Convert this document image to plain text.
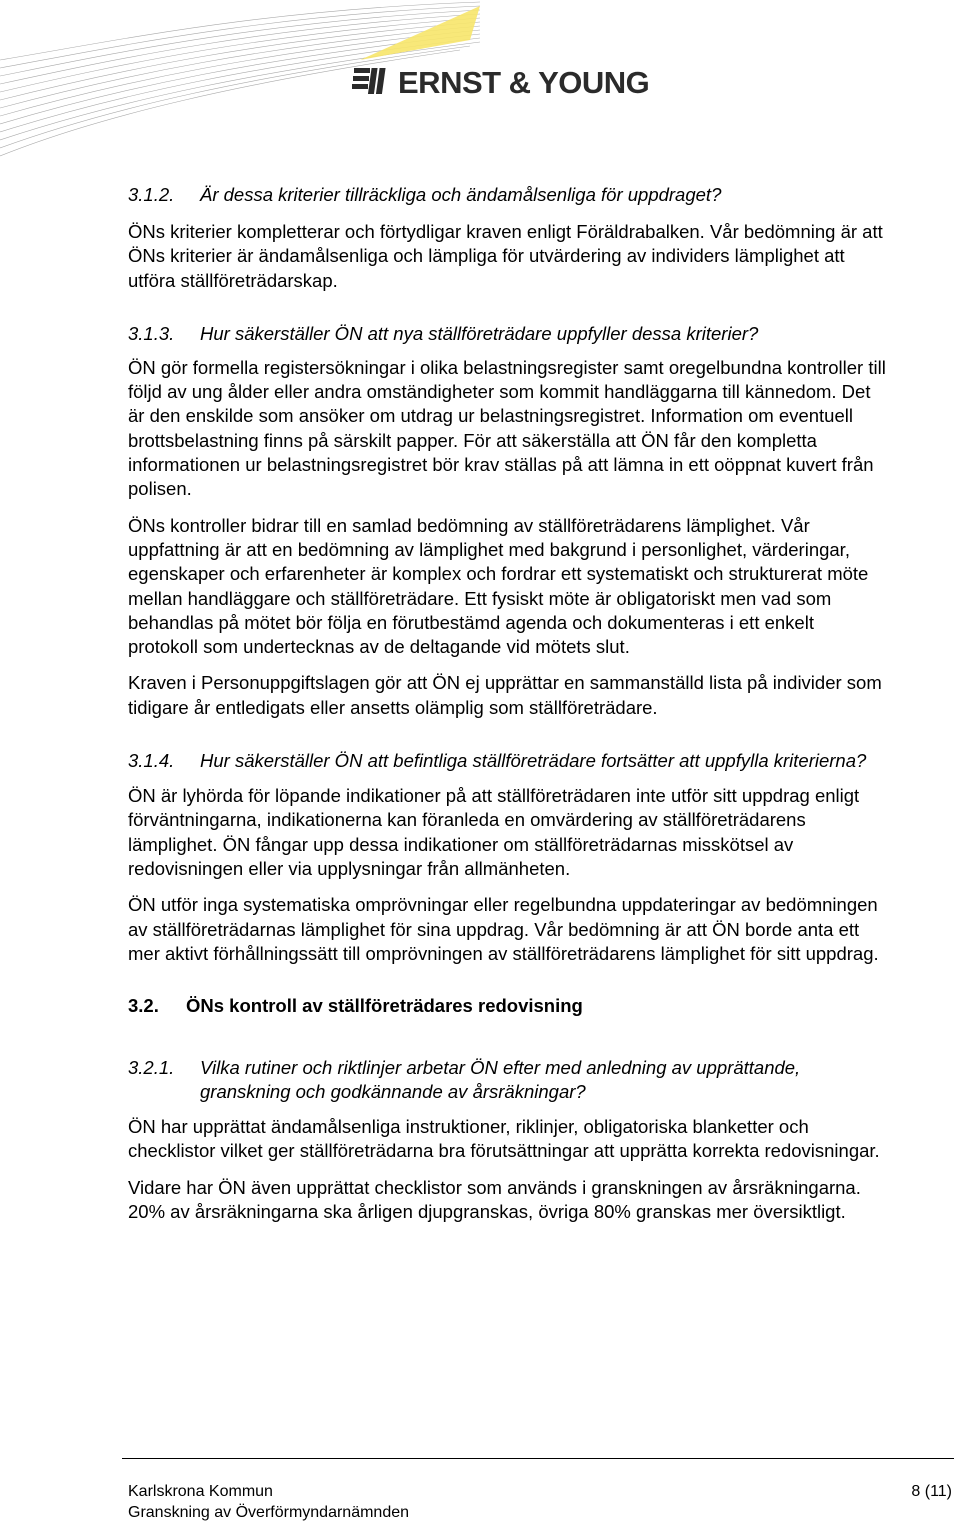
ERNST & YOUNG
3.1.2.	Är dessa kriterier tillräckliga och ändamålsenliga för uppdraget?

ÖNs kriterier kompletterar och förtydligar kraven enligt Föräldrabalken. Vår bedömning är att ÖNs kriterier är ändamålsenliga och lämpliga för utvärdering av individers lämplighet att utföra ställföreträdarskap.

3.1.3.	Hur säkerställer ÖN att nya ställföreträdare uppfyller dessa kriterier?

ÖN gör formella registersökningar i olika belastningsregister samt oregelbundna kontroller till följd av ung ålder eller andra omständigheter som kommit handläggarna till kännedom. Det är den enskilde som ansöker om utdrag ur belastningsregistret. Information om eventuell brottsbelastning finns på särskilt papper. För att säkerställa att ÖN får den kompletta informationen ur belastningsregistret bör krav ställas på att lämna in ett oöppnat kuvert från polisen.

ÖNs kontroller bidrar till en samlad bedömning av ställföreträdarens lämplighet. Vår uppfattning är att en bedömning av lämplighet med bakgrund i personlighet, värderingar, egenskaper och erfarenheter är komplex och fordrar ett systematiskt och strukturerat möte mellan handläggare och ställföreträdare. Ett fysiskt möte är obligatoriskt men vad som behandlas på mötet bör följa en förutbestämd agenda och dokumenteras i ett enkelt protokoll som undertecknas av de deltagande vid mötets slut.

Kraven i Personuppgiftslagen gör att ÖN ej upprättar en sammanställd lista på individer som tidigare år entledigats eller ansetts olämplig som ställföreträdare.

3.1.4.	Hur säkerställer ÖN att befintliga ställföreträdare fortsätter att uppfylla kriterierna?

ÖN är lyhörda för löpande indikationer på att ställföreträdaren inte utför sitt uppdrag enligt förväntningarna, indikationerna kan föranleda en omvärdering av ställföreträdarens lämplighet. ÖN fångar upp dessa indikationer om ställföreträdarnas misskötsel av redovisningen eller via upplysningar från allmänheten.

ÖN utför inga systematiska omprövningar eller regelbundna uppdateringar av bedömningen av ställföreträdarnas lämplighet för sina uppdrag. Vår bedömning är att ÖN borde anta ett mer aktivt förhållningssätt till omprövningen av ställföreträdarens lämplighet för sitt uppdrag.

3.2.	ÖNs kontroll av ställföreträdares redovisning
3.2.1.	Vilka rutiner och riktlinjer arbetar ÖN efter med anledning av upprättande, granskning och godkännande av årsräkningar?

ÖN har upprättat ändamålsenliga instruktioner, riklinjer, obligatoriska blanketter och checklistor vilket ger ställföreträdarna bra förutsättningar att upprätta korrekta redovisningar.

Vidare har ÖN även upprättat checklistor som används i granskningen av årsräkningarna. 20% av årsräkningarna ska årligen djupgranskas, övriga 80% granskas mer översiktligt.

Karlskrona Kommun
Granskning av Överförmyndarnämnden
8 (11)
